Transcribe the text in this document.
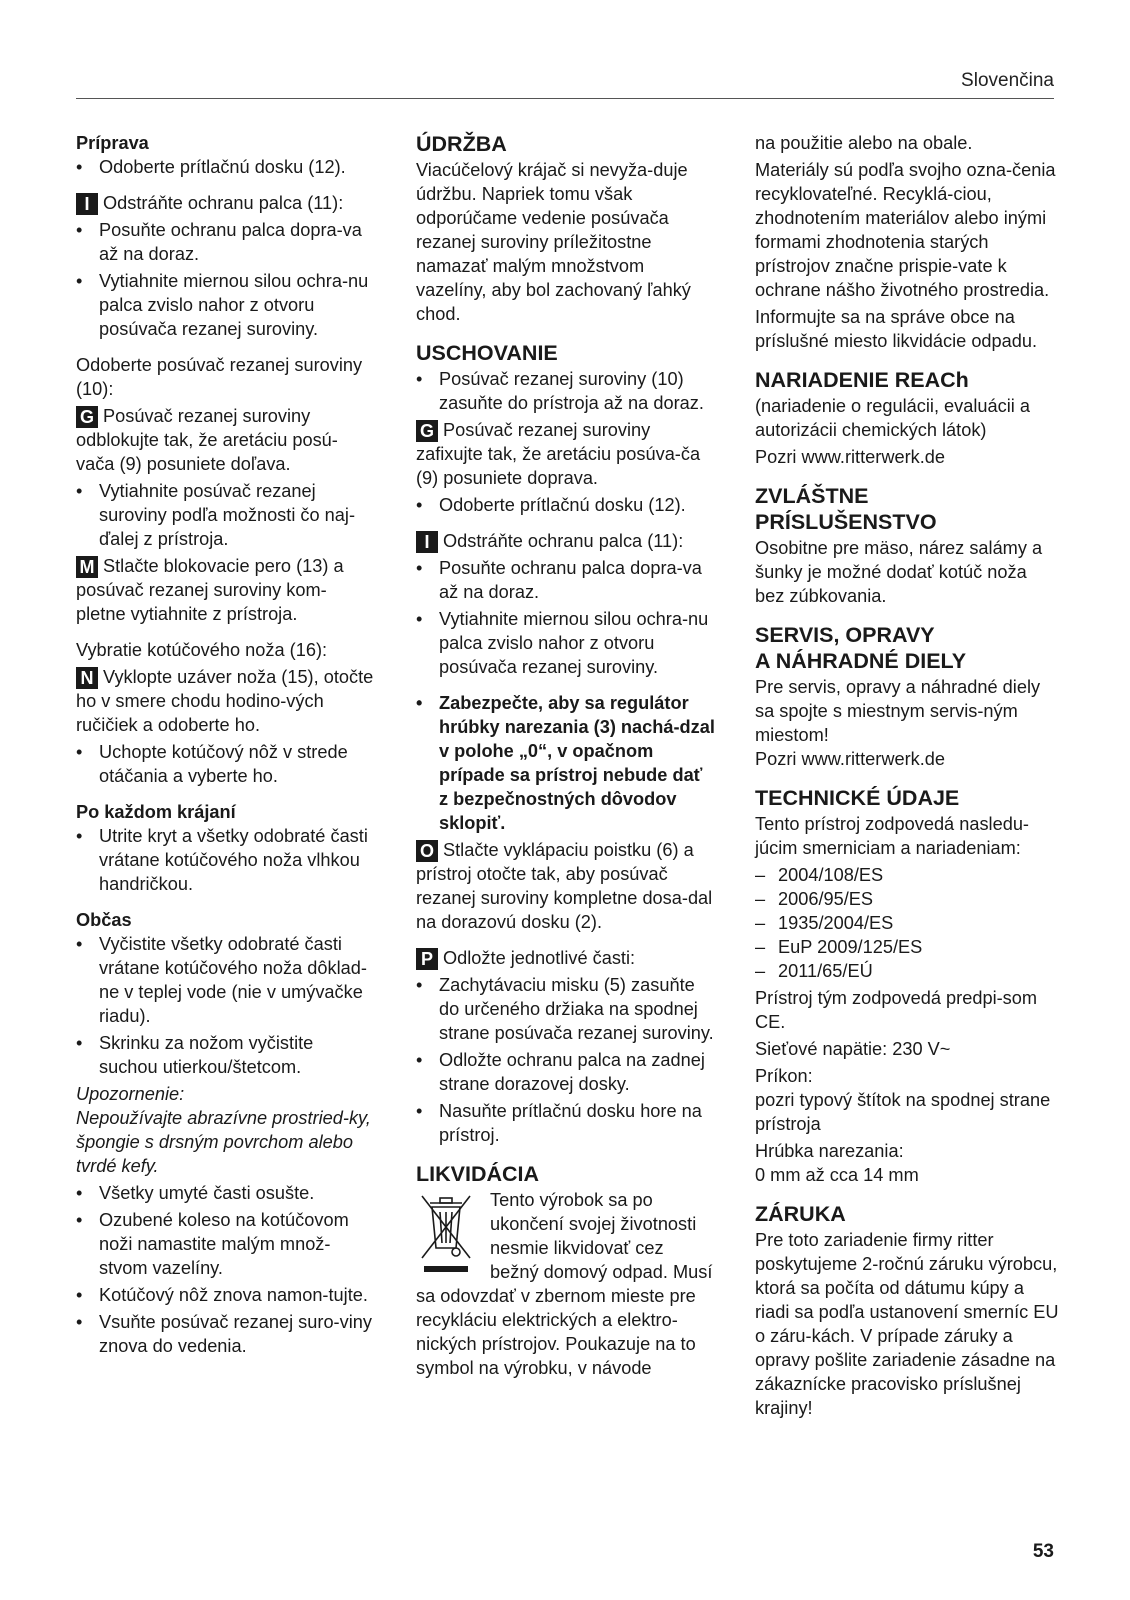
Slovenčina

Príprava

• Odoberte prítlačnú dosku (12).

I Odstráňte ochranu palca (11):

• Posuňte ochranu palca dopra-va až na doraz.

• Vytiahnite miernou silou ochra-nu palca zvislo nahor z otvoru posúvača rezanej suroviny.

Odoberte posúvač rezanej suroviny (10):

G Posúvač rezanej suroviny odblokujte tak, že aretáciu posú-vača (9) posuniete doľava.

• Vytiahnite posúvač rezanej suroviny podľa možnosti čo naj-ďalej z prístroja.

M Stlačte blokovacie pero (13) a posúvač rezanej suroviny kom-pletne vytiahnite z prístroja.

Vybratie kotúčového noža (16):

N Vyklopte uzáver noža (15), otočte ho v smere chodu hodino-vých ručičiek a odoberte ho.

• Uchopte kotúčový nôž v strede otáčania a vyberte ho.

Po každom krájaní

• Utrite kryt a všetky odobraté časti vrátane kotúčového noža vlhkou handričkou.

Občas

• Vyčistite všetky odobraté časti vrátane kotúčového noža dôklad-ne v teplej vode (nie v umývačke riadu).

• Skrinku za nožom vyčistite suchou utierkou/štetcom.

Upozornenie:

Nepoužívajte abrazívne prostried-ky, špongie s drsným povrchom alebo tvrdé kefy.

• Všetky umyté časti osušte.

• Ozubené koleso na kotúčovom noži namastite malým množ-stvom vazelíny.

• Kotúčový nôž znova namon-tujte.

• Vsuňte posúvač rezanej suro-viny znova do vedenia.

ÚDRŽBA

Viacúčelový krájač si nevyža-duje údržbu. Napriek tomu však odporúčame vedenie posúvača rezanej suroviny príležitostne namazať malým množstvom vazelíny, aby bol zachovaný ľahký chod.

USCHOVANIE

• Posúvač rezanej suroviny (10) zasuňte do prístroja až na doraz.

G Posúvač rezanej suroviny zafixujte tak, že aretáciu posúva-ča (9) posuniete doprava.

• Odoberte prítlačnú dosku (12).

I Odstráňte ochranu palca (11):

• Posuňte ochranu palca dopra-va až na doraz.

• Vytiahnite miernou silou ochra-nu palca zvislo nahor z otvoru posúvača rezanej suroviny.

• Zabezpečte, aby sa regulátor hrúbky narezania (3) nachá-dzal v polohe „0“, v opačnom prípade sa prístroj nebude dať z bezpečnostných dôvodov sklopiť.

O Stlačte vyklápaciu poistku (6) a prístroj otočte tak, aby posúvač rezanej suroviny kompletne dosa-dal na dorazovú dosku (2).

P Odložte jednotlivé časti:

• Zachytávaciu misku (5) zasuňte do určeného držiaka na spodnej strane posúvača rezanej suroviny.

• Odložte ochranu palca na zadnej strane dorazovej dosky.

• Nasuňte prítlačnú dosku hore na prístroj.

LIKVIDÁCIA

Tento výrobok sa po ukončení svojej životnosti nesmie likvidovať cez bežný domový odpad. Musí sa odovzdať v zbernom mieste pre recykláciu elektrických a elektro-nických prístrojov. Poukazuje na to symbol na výrobku, v návode

na použitie alebo na obale.

Materiály sú podľa svojho ozna-čenia recyklovateľné. Recyklá-ciou, zhodnotením materiálov alebo inými formami zhodnotenia starých prístrojov značne prispie-vate k ochrane nášho životného prostredia.

Informujte sa na správe obce na príslušné miesto likvidácie odpadu.

NARIADENIE REACh

(nariadenie o regulácii, evaluácii a autorizácii chemických látok)

Pozri www.ritterwerk.de

ZVLÁŠTNE

PRÍSLUŠENSTVO

Osobitne pre mäso, nárez salámy a šunky je možné dodať kotúč noža bez zúbkovania.

SERVIS, OPRAVY

A NÁHRADNÉ DIELY

Pre servis, opravy a náhradné diely sa spojte s miestnym servis-ným miestom!

Pozri www.ritterwerk.de

TECHNICKÉ ÚDAJE

Tento prístroj zodpovedá nasledu-júcim smerniciam a nariadeniam:

– 2004/108/ES

– 2006/95/ES

– 1935/2004/ES

– EuP 2009/125/ES

– 2011/65/EÚ

Prístroj tým zodpovedá predpi-som CE.

Sieťové napätie: 230 V~

Príkon:

pozri typový štítok na spodnej strane prístroja

Hrúbka narezania:

0 mm až cca 14 mm

ZÁRUKA

Pre toto zariadenie firmy ritter poskytujeme 2-ročnú záruku výrobcu, ktorá sa počíta od dátumu kúpy a riadi sa podľa ustanovení smerníc EU o záru-kách. V prípade záruky a opravy pošlite zariadenie zásadne na zákaznícke pracovisko príslušnej krajiny!

53
